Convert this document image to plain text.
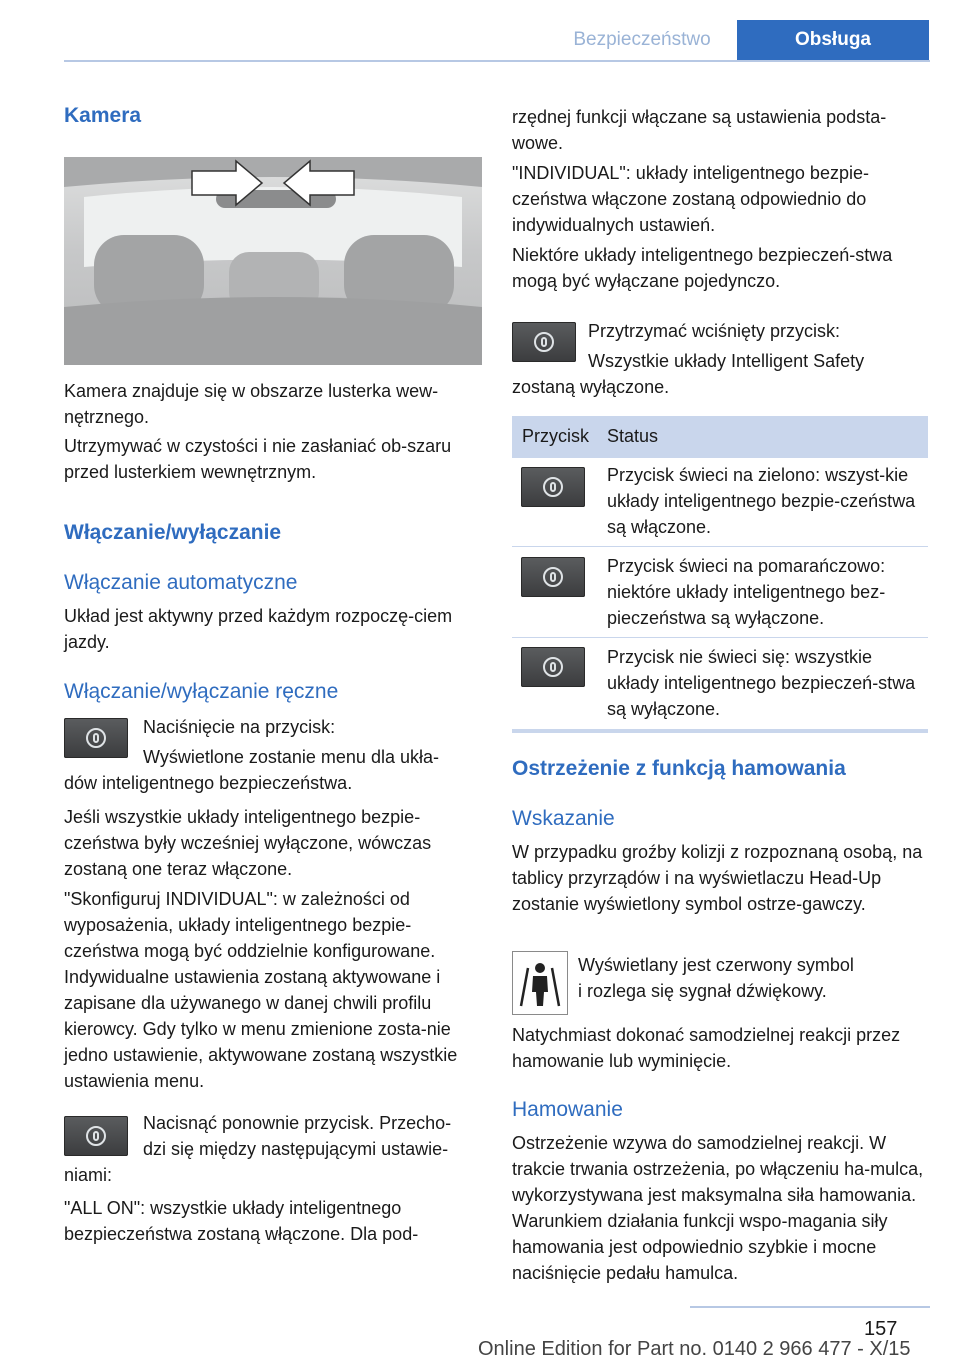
Bezpieczeństwo	Obsługa
Kamera
Kamera znajduje się w obszarze lusterka wew-nętrznego.
Utrzymywać w czystości i nie zasłaniać ob-szaru przed lusterkiem wewnętrznym.
Włączanie/wyłączanie
Włączanie automatyczne
Układ jest aktywny przed każdym rozpoczę-ciem jazdy.
Włączanie/wyłączanie ręczne
Naciśnięcie na przycisk:
Wyświetlone zostanie menu dla ukła-
dów inteligentnego bezpieczeństwa.
Jeśli wszystkie układy inteligentnego bezpie-czeństwa były wcześniej wyłączone, wówczas zostaną one teraz włączone.
"Skonfiguruj INDIVIDUAL": w zależności od wyposażenia, układy inteligentnego bezpie-czeństwa mogą być oddzielnie konfigurowane. Indywidualne ustawienia zostaną aktywowane i zapisane dla używanego w danej chwili profilu kierowcy. Gdy tylko w menu zmienione zosta-nie jedno ustawienie, aktywowane zostaną wszystkie ustawienia menu.
Nacisnąć ponownie przycisk. Przecho-
dzi się między następującymi ustawie-
niami:
"ALL ON": wszystkie układy inteligentnego bezpieczeństwa zostaną włączone. Dla pod-
rzędnej funkcji włączane są ustawienia podsta-wowe.
"INDIVIDUAL": układy inteligentnego bezpie-czeństwa włączone zostaną odpowiednio do indywidualnych ustawień.
Niektóre układy inteligentnego bezpieczeń-stwa mogą być wyłączane pojedynczo.
Przytrzymać wciśnięty przycisk:
Wszystkie układy Intelligent Safety
zostaną wyłączone.
Przycisk Status
Przycisk świeci na zielono: wszyst-kie układy inteligentnego bezpie-czeństwa są włączone.
Przycisk świeci na pomarańczowo: niektóre układy inteligentnego bez-pieczeństwa są wyłączone.
Przycisk nie świeci się: wszystkie układy inteligentnego bezpieczeń-stwa są wyłączone.
Ostrzeżenie z funkcją hamowania
Wskazanie
W przypadku groźby kolizji z rozpoznaną osobą, na tablicy przyrządów i na wyświetlaczu Head-Up zostanie wyświetlony symbol ostrze-gawczy.
Wyświetlany jest czerwony symbol
i rozlega się sygnał dźwiękowy.
Natychmiast dokonać samodzielnej reakcji przez hamowanie lub wyminięcie.
Hamowanie
Ostrzeżenie wzywa do samodzielnej reakcji. W trakcie trwania ostrzeżenia, po włączeniu ha-mulca, wykorzystywana jest maksymalna siła hamowania. Warunkiem działania funkcji wspo-magania siły hamowania jest odpowiednio szybkie i mocne naciśnięcie pedału hamulca.
157
Online Edition for Part no. 0140 2 966 477 - X/15
